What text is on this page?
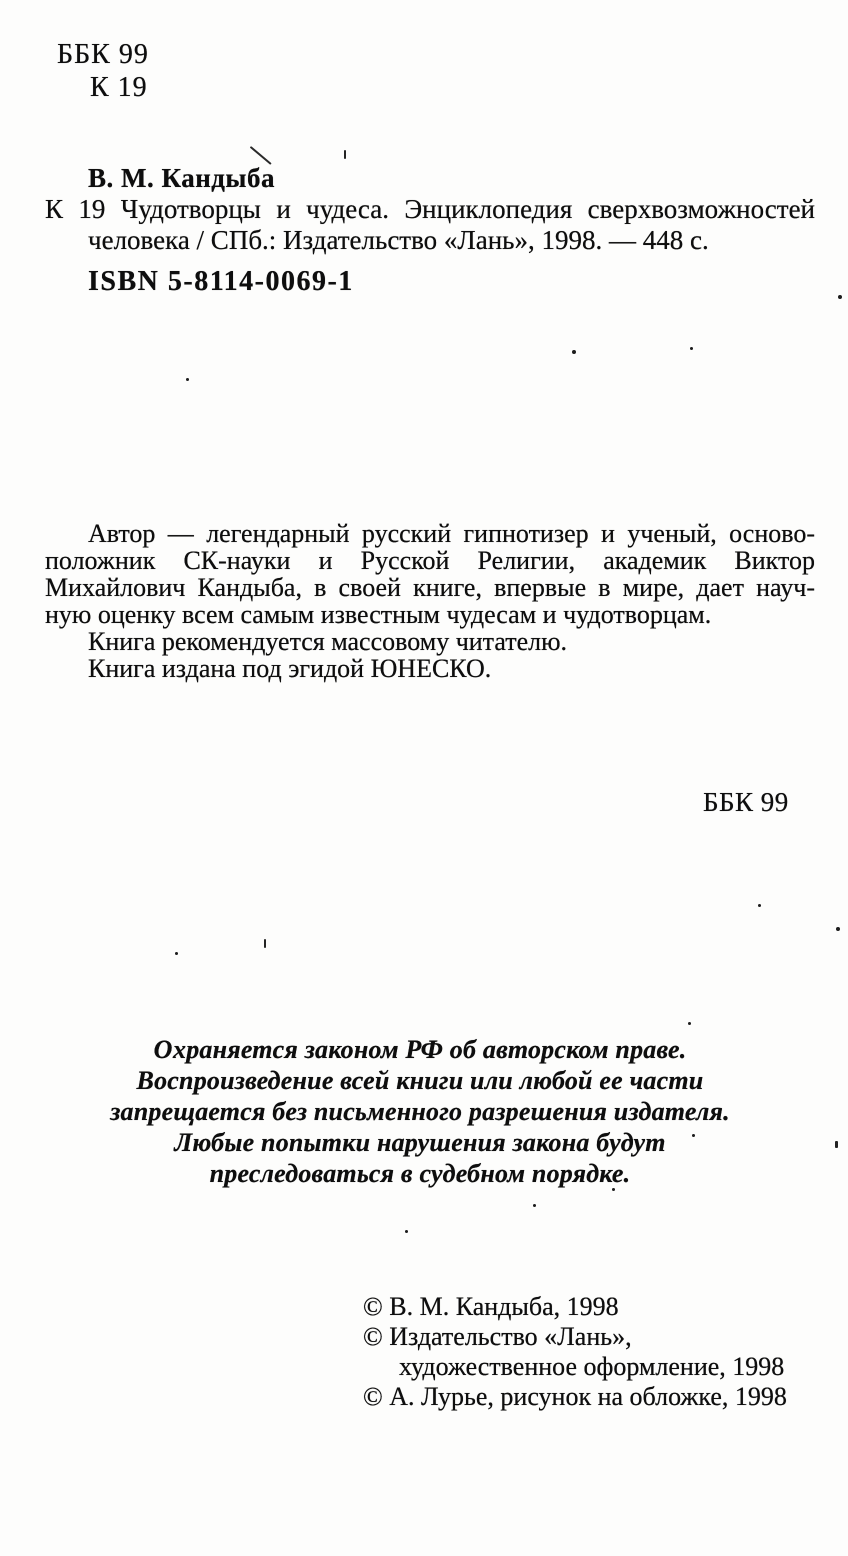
ББК 99
К 19
В. М. Кандыба
К 19 Чудотворцы и чудеса. Энциклопедия сверхвозможностей
человека / СПб.: Издательство «Лань», 1998. — 448 с.
ISBN 5-8114-0069-1
Автор — легендарный русский гипнотизер и ученый, осново-
положник СК-науки и Русской Религии, академик Виктор
Михайлович Кандыба, в своей книге, впервые в мире, дает науч-
ную оценку всем самым известным чудесам и чудотворцам.
Книга рекомендуется массовому читателю.
Книга издана под эгидой ЮНЕСКО.
ББК 99
Охраняется законом РФ об авторском праве.
Воспроизведение всей книги или любой ее части
запрещается без письменного разрешения издателя.
Любые попытки нарушения закона будут
преследоваться в судебном порядке.
© В. М. Кандыба, 1998
© Издательство «Лань»,
художественное оформление, 1998
© А. Лурье, рисунок на обложке, 1998
